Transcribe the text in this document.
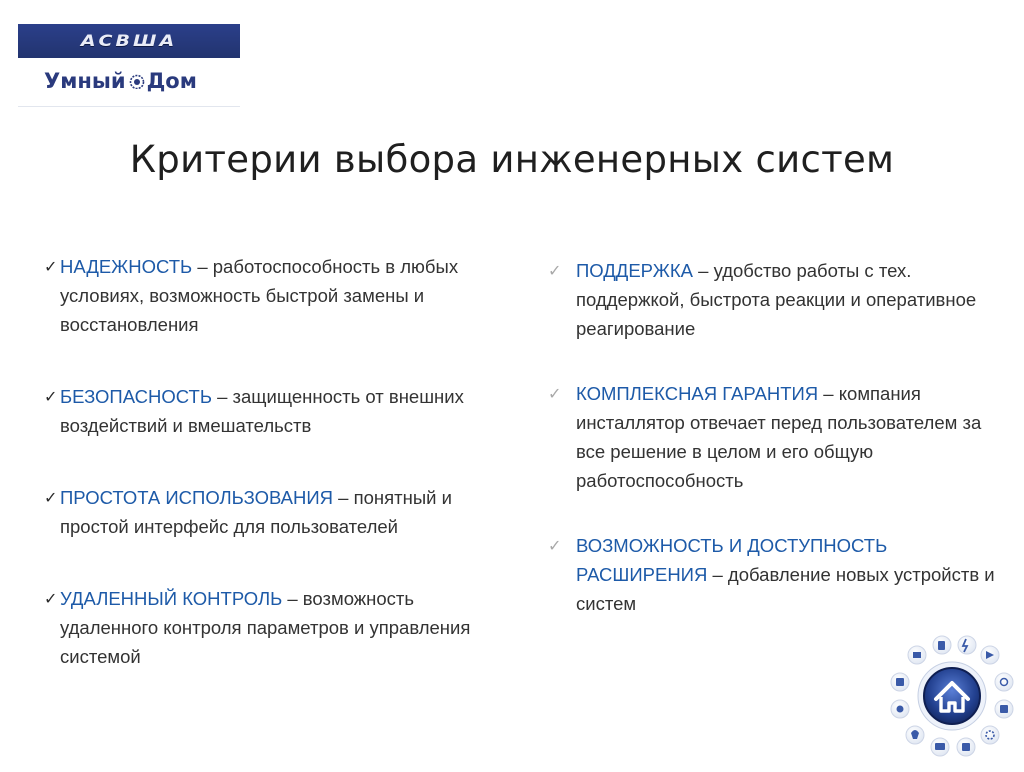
АСВША
Умный Дом
Критерии выбора инженерных систем
✓ НАДЕЖНОСТЬ – работоспособность в любых условиях, возможность быстрой замены и восстановления
✓ БЕЗОПАСНОСТЬ – защищенность от внешних воздействий и вмешательств
✓ ПРОСТОТА ИСПОЛЬЗОВАНИЯ – понятный и простой интерфейс для пользователей
✓ УДАЛЕННЫЙ КОНТРОЛЬ – возможность удаленного контроля параметров и управления системой
✓ ПОДДЕРЖКА – удобство работы с тех. поддержкой, быстрота реакции и оперативное реагирование
✓ КОМПЛЕКСНАЯ ГАРАНТИЯ – компания инсталлятор отвечает перед пользователем за все решение в целом и его общую работоспособность
✓ ВОЗМОЖНОСТЬ И ДОСТУПНОСТЬ РАСШИРЕНИЯ – добавление новых устройств и систем
